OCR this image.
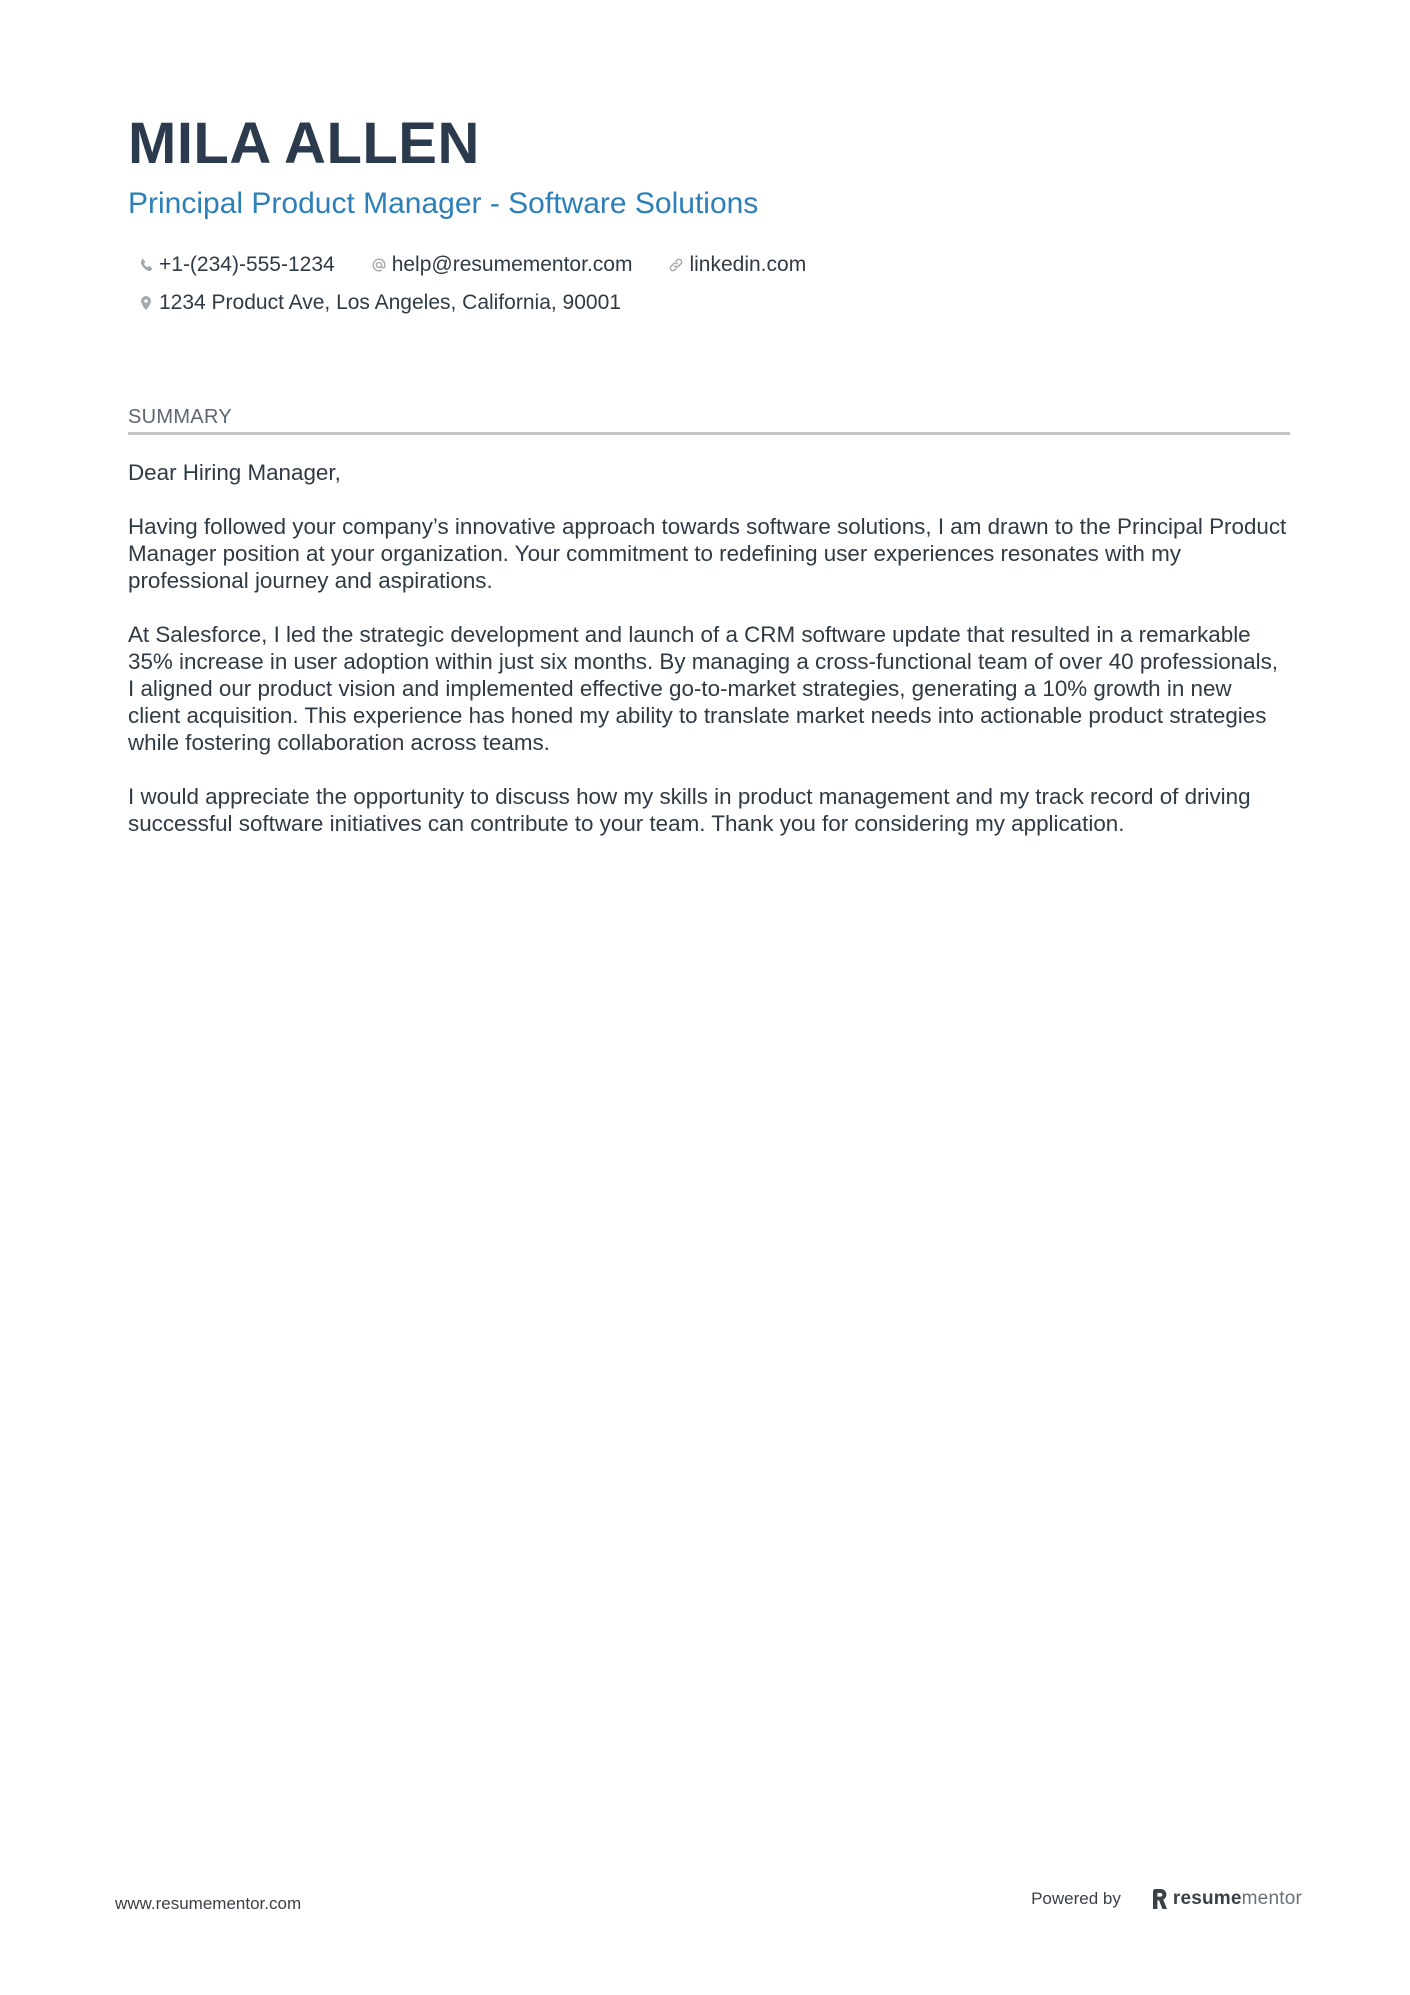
MILA ALLEN
Principal Product Manager - Software Solutions
+1-(234)-555-1234	help@resumementor.com	linkedin.com
1234 Product Ave, Los Angeles, California, 90001
SUMMARY

Dear Hiring Manager,

Having followed your company’s innovative approach towards software solutions, I am drawn to the Principal Product Manager position at your organization. Your commitment to redefining user experiences resonates with my professional journey and aspirations.

At Salesforce, I led the strategic development and launch of a CRM software update that resulted in a remarkable 35% increase in user adoption within just six months. By managing a cross-functional team of over 40 professionals, I aligned our product vision and implemented effective go-to-market strategies, generating a 10% growth in new client acquisition. This experience has honed my ability to translate market needs into actionable product strategies while fostering collaboration across teams.

I would appreciate the opportunity to discuss how my skills in product management and my track record of driving successful software initiatives can contribute to your team. Thank you for considering my application.

www.resumementor.com	Powered by	resume mentor
